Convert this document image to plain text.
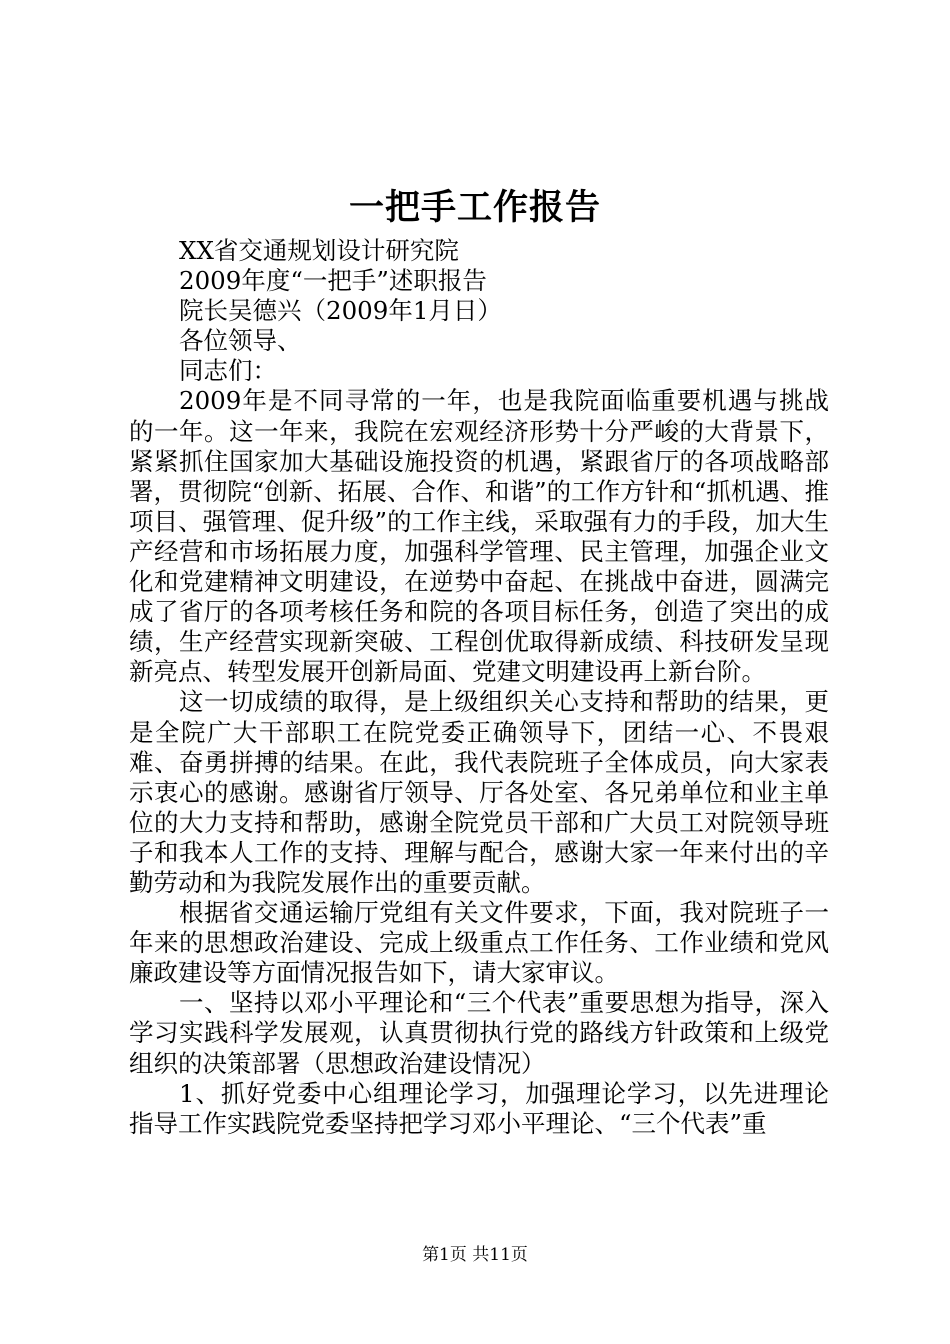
一把手工作报告

XX省交通规划设计研究院

2009年度“一把手”述职报告

院长吴德兴（2009年1月日）

各位领导、

同志们：

2009年是不同寻常的一年，也是我院面临重要机遇与挑战的一年。这一年来，我院在宏观经济形势十分严峻的大背景下，紧紧抓住国家加大基础设施投资的机遇，紧跟省厅的各项战略部署，贯彻院“创新、拓展、合作、和谐”的工作方针和“抓机遇、推项目、强管理、促升级”的工作主线，采取强有力的手段，加大生产经营和市场拓展力度，加强科学管理、民主管理，加强企业文化和党建精神文明建设，在逆势中奋起、在挑战中奋进，圆满完成了省厅的各项考核任务和院的各项目标任务，创造了突出的成绩，生产经营实现新突破、工程创优取得新成绩、科技研发呈现新亮点、转型发展开创新局面、党建文明建设再上新台阶。

这一切成绩的取得，是上级组织关心支持和帮助的结果，更是全院广大干部职工在院党委正确领导下，团结一心、不畏艰难、奋勇拼搏的结果。在此，我代表院班子全体成员，向大家表示衷心的感谢。感谢省厅领导、厅各处室、各兄弟单位和业主单位的大力支持和帮助，感谢全院党员干部和广大员工对院领导班子和我本人工作的支持、理解与配合，感谢大家一年来付出的辛勤劳动和为我院发展作出的重要贡献。

根据省交通运输厅党组有关文件要求，下面，我对院班子一年来的思想政治建设、完成上级重点工作任务、工作业绩和党风廉政建设等方面情况报告如下，请大家审议。

一、坚持以邓小平理论和“三个代表”重要思想为指导，深入学习实践科学发展观，认真贯彻执行党的路线方针政策和上级党组织的决策部署（思想政治建设情况）

1、抓好党委中心组理论学习，加强理论学习，以先进理论指导工作实践院党委坚持把学习邓小平理论、“三个代表”重

第1页 共11页
